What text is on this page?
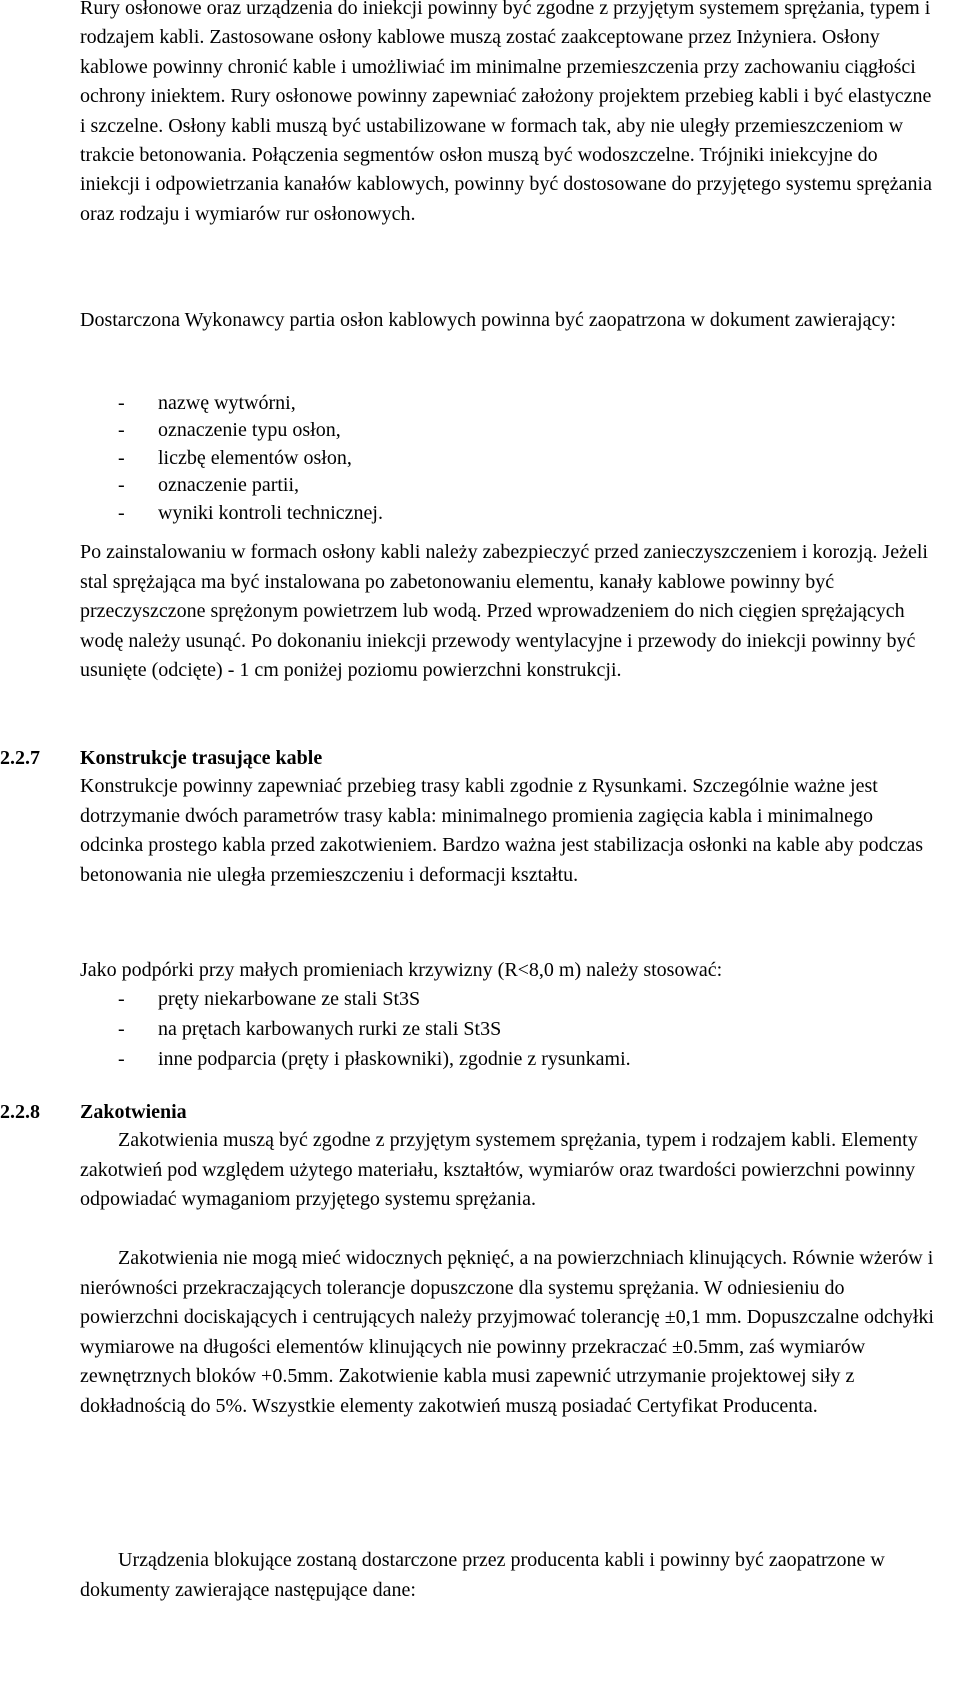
Rury osłonowe oraz urządzenia do iniekcji powinny być zgodne z przyjętym systemem sprężania, typem i rodzajem kabli. Zastosowane osłony kablowe muszą zostać zaakceptowane przez Inżyniera. Osłony kablowe powinny chronić kable i umożliwiać im minimalne przemieszczenia przy zachowaniu ciągłości ochrony iniektem. Rury osłonowe powinny zapewniać założony projektem przebieg kabli i być elastyczne i szczelne. Osłony kabli muszą być ustabilizowane w formach tak, aby nie uległy przemieszczeniom w trakcie betonowania. Połączenia segmentów osłon muszą być wodoszczelne. Trójniki iniekcyjne do iniekcji i odpowietrzania kanałów kablowych, powinny być dostosowane do przyjętego systemu sprężania oraz rodzaju i wymiarów rur osłonowych.

Dostarczona Wykonawcy partia osłon kablowych powinna być zaopatrzona w dokument zawierający:

-	nazwę wytwórni,
-	oznaczenie typu osłon,
-	liczbę elementów osłon,
-	oznaczenie partii,
-	wyniki kontroli technicznej.

Po zainstalowaniu w formach osłony kabli należy zabezpieczyć przed zanieczyszczeniem i korozją. Jeżeli stal sprężająca ma być instalowana po zabetonowaniu elementu, kanały kablowe powinny być przeczyszczone sprężonym powietrzem lub wodą. Przed wprowadzeniem do nich cięgien sprężających wodę należy usunąć. Po dokonaniu iniekcji przewody wentylacyjne i przewody do iniekcji powinny być usunięte (odcięte) - 1 cm poniżej poziomu powierzchni konstrukcji.

2.2.7 Konstrukcje trasujące kable

Konstrukcje powinny zapewniać przebieg trasy kabli zgodnie z Rysunkami. Szczególnie ważne jest dotrzymanie dwóch parametrów trasy kabla: minimalnego promienia zagięcia kabla i minimalnego odcinka prostego kabla przed zakotwieniem. Bardzo ważna jest stabilizacja osłonki na kable aby podczas betonowania nie uległa przemieszczeniu i deformacji kształtu.

Jako podpórki przy małych promieniach krzywizny (R<8,0 m) należy stosować:

-	pręty niekarbowane ze stali St3S
-	na prętach karbowanych rurki ze stali St3S
-	inne podparcia (pręty i płaskowniki), zgodnie z rysunkami.
2.2.8 Zakotwienia

Zakotwienia muszą być zgodne z przyjętym systemem sprężania, typem i rodzajem kabli. Elementy zakotwień pod względem użytego materiału, kształtów, wymiarów oraz twardości powierzchni powinny odpowiadać wymaganiom przyjętego systemu sprężania.

Zakotwienia nie mogą mieć widocznych pęknięć, a na powierzchniach klinujących. Równie wżerów i nierówności przekraczających tolerancje dopuszczone dla systemu sprężania. W odniesieniu do powierzchni dociskających i centrujących należy przyjmować tolerancję ±0,1 mm. Dopuszczalne odchyłki wymiarowe na długości elementów klinujących nie powinny przekraczać ±0.5mm, zaś wymiarów zewnętrznych bloków +0.5mm. Zakotwienie kabla musi zapewnić utrzymanie projektowej siły z dokładnością do 5%. Wszystkie elementy zakotwień muszą posiadać Certyfikat Producenta.

Urządzenia blokujące zostaną dostarczone przez producenta kabli i powinny być zaopatrzone w dokumenty zawierające następujące dane:
